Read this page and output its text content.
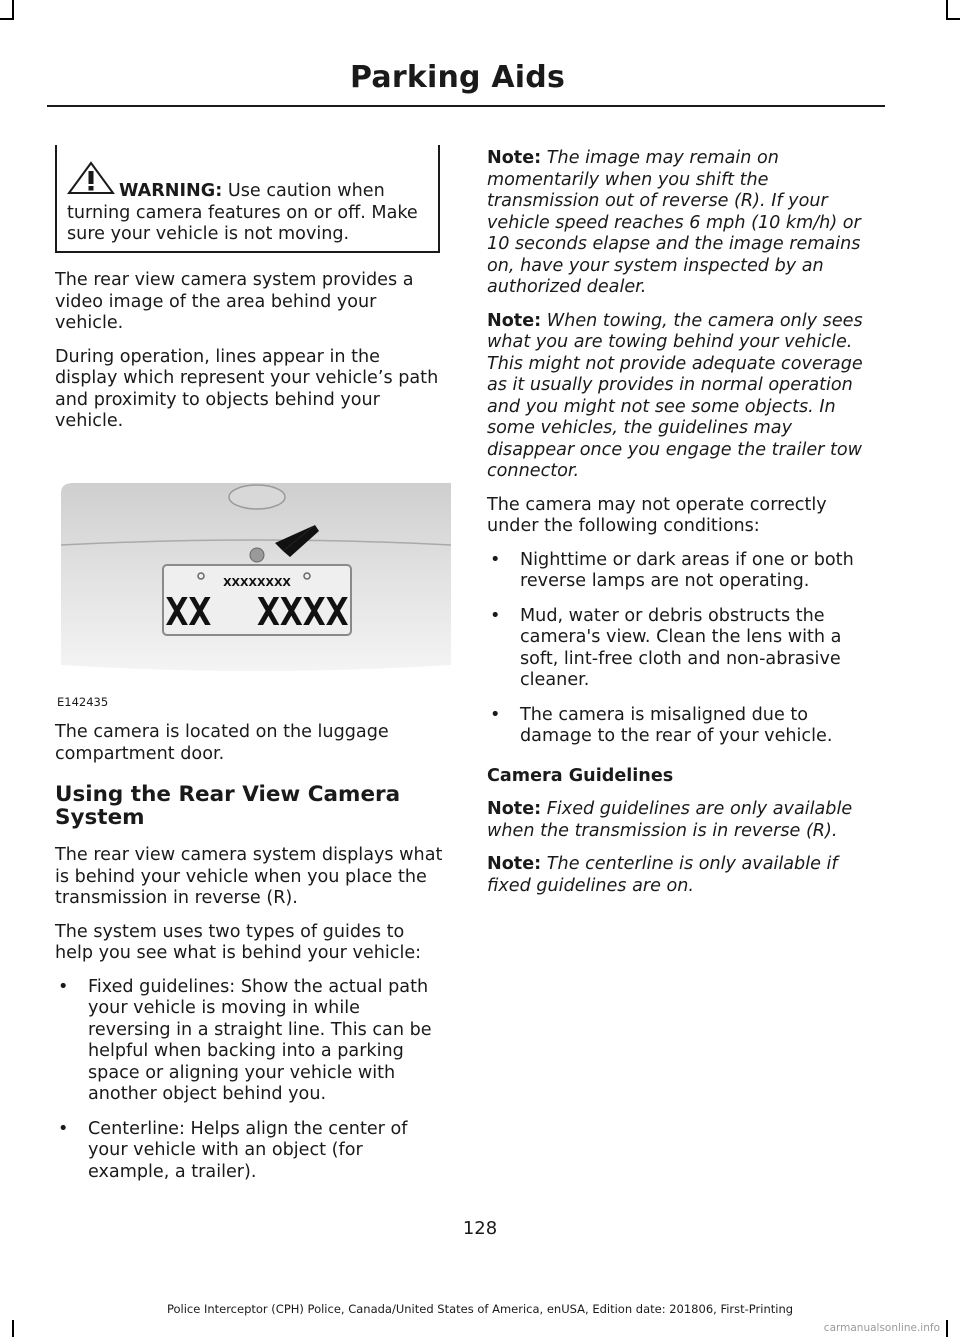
Parking Aids
WARNING: Use caution when turning camera features on or off. Make sure your vehicle is not moving.

The rear view camera system provides a video image of the area behind your vehicle.

During operation, lines appear in the display which represent your vehicle’s path and proximity to objects behind your vehicle.

XXXXXXXX
XX  XXXX
E142435

The camera is located on the luggage compartment door.

Using the Rear View Camera System

The rear view camera system displays what is behind your vehicle when you place the transmission in reverse (R).

The system uses two types of guides to help you see what is behind your vehicle:

• Fixed guidelines: Show the actual path your vehicle is moving in while reversing in a straight line. This can be helpful when backing into a parking space or aligning your vehicle with another object behind you.
• Centerline: Helps align the center of your vehicle with an object (for example, a trailer).

Note: The image may remain on momentarily when you shift the transmission out of reverse (R). If your vehicle speed reaches 6 mph (10 km/h) or 10 seconds elapse and the image remains on, have your system inspected by an authorized dealer.

Note: When towing, the camera only sees what you are towing behind your vehicle. This might not provide adequate coverage as it usually provides in normal operation and you might not see some objects. In some vehicles, the guidelines may disappear once you engage the trailer tow connector.

The camera may not operate correctly under the following conditions:

• Nighttime or dark areas if one or both reverse lamps are not operating.
• Mud, water or debris obstructs the camera's view. Clean the lens with a soft, lint-free cloth and non-abrasive cleaner.
• The camera is misaligned due to damage to the rear of your vehicle.
Camera Guidelines

Note: Fixed guidelines are only available when the transmission is in reverse (R).

Note: The centerline is only available if fixed guidelines are on.

128
Police Interceptor (CPH) Police, Canada/United States of America, enUSA, Edition date: 201806, First-Printing
carmanualsonline.info
